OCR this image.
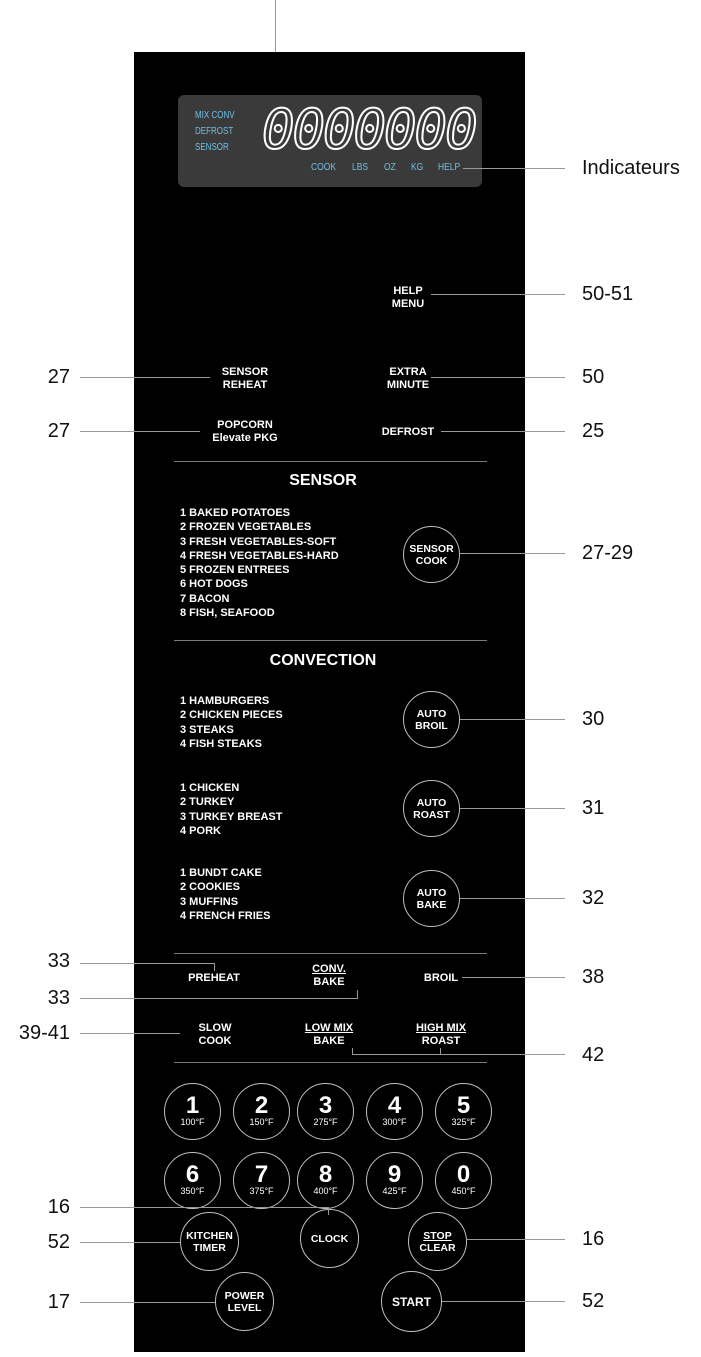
MIX CONV
DEFROST
SENSOR 0000000
COOK LBS OZ KG HELP
HELP
MENU
SENSOR
REHEAT
EXTRA
MINUTE
POPCORN
Elevate PKG	DEFROST
SENSOR
1 BAKED POTATOES
2 FROZEN VEGETABLES
3 FRESH VEGETABLES-SOFT
4 FRESH VEGETABLES-HARD
5 FROZEN ENTREES
6 HOT DOGS
7 BACON
8 FISH, SEAFOOD
SENSOR
COOK
CONVECTION
1 HAMBURGERS
2 CHICKEN PIECES
3 STEAKS
4 FISH STEAKS
AUTO
BROIL
1 CHICKEN
2 TURKEY
3 TURKEY BREAST
4 PORK
AUTO
ROAST
1 BUNDT CAKE
2 COOKIES
3 MUFFINS
4 FRENCH FRIES
AUTO
BAKE
PREHEAT
CONV.
BAKE	BROIL
SLOW
COOK
LOW MIX
BAKE
HIGH MIX
ROAST
1
100°F
2
150°F
3
275°F
4
300°F
5
325°F
6
350°F
7
375°F
8
400°F
9
425°F
0
450°F
KITCHEN
TIMER
CLOCK	STOP
CLEAR
POWER
LEVEL	START
Indicateurs
50-51
50
25
27-29
30
31
32
38
42
16
52
27
27
33
33
39-41
16
52
17
